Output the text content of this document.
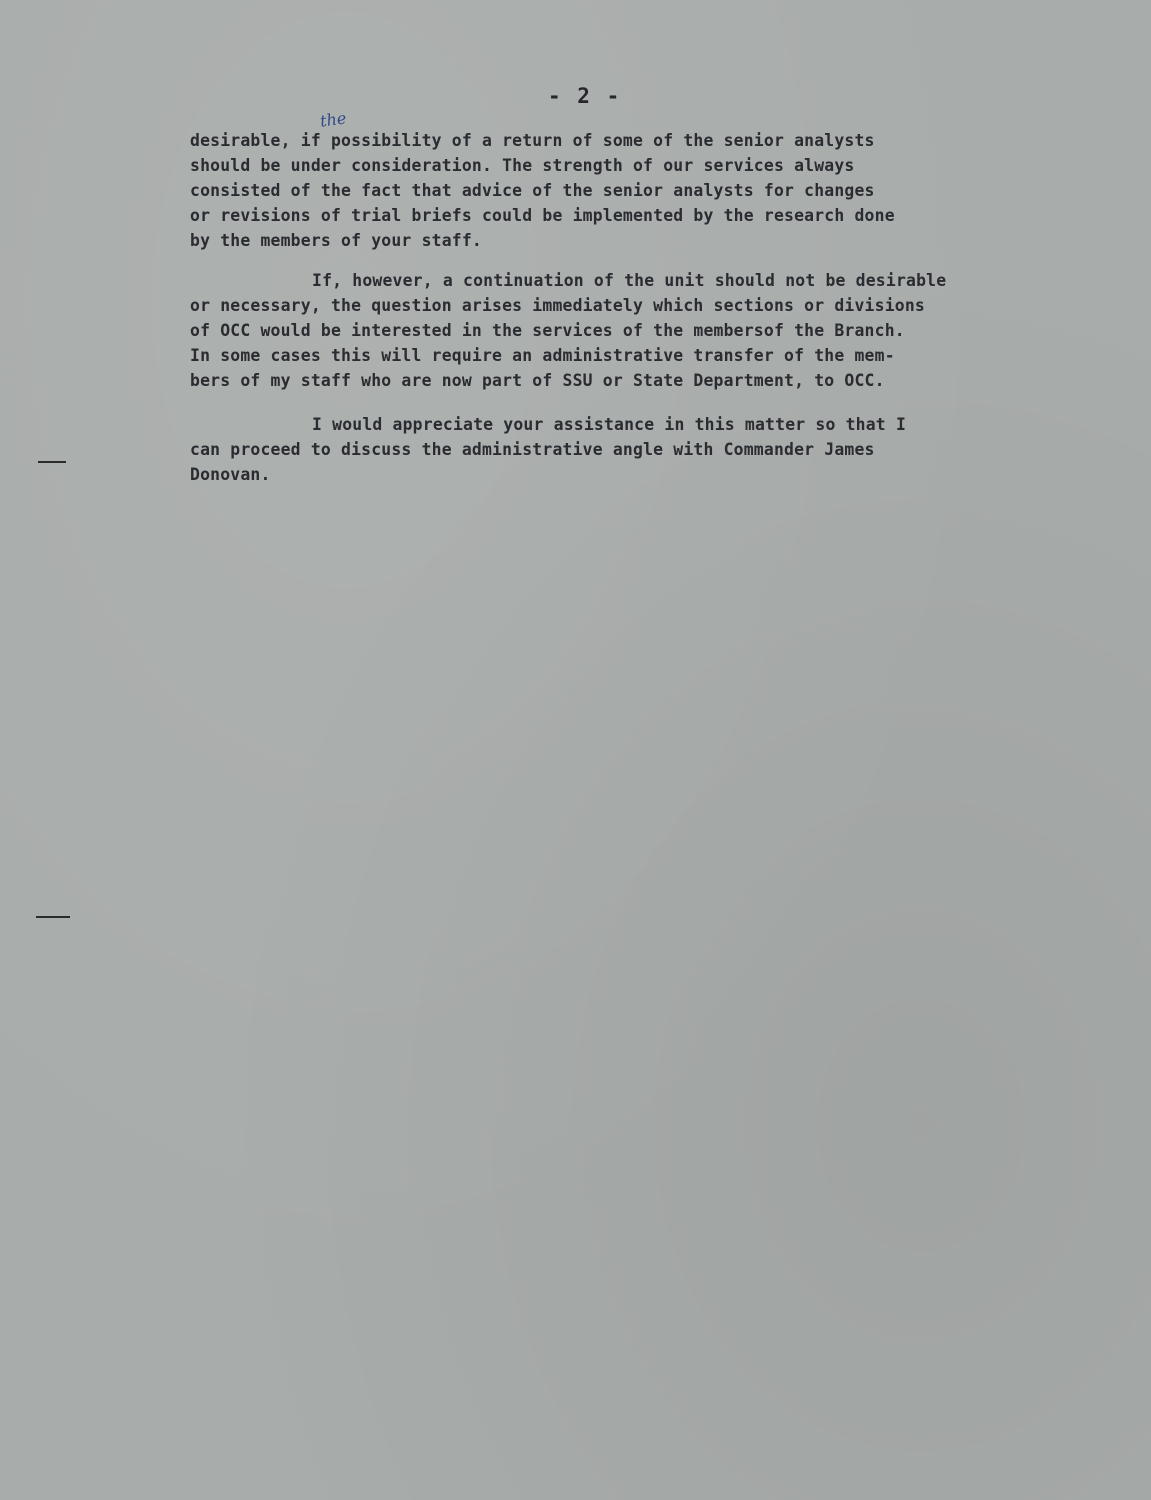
- 2 -
the
desirable, if possibility of a return of some of the senior analysts
should be under consideration. The strength of our services always
consisted of the fact that advice of the senior analysts for changes
or revisions of trial briefs could be implemented by the research done
by the members of your staff.
If, however, a continuation of the unit should not be desirable
or necessary, the question arises immediately which sections or divisions
of OCC would be interested in the services of the membersof the Branch.
In some cases this will require an administrative transfer of the mem-
bers of my staff who are now part of SSU or State Department, to OCC.
I would appreciate your assistance in this matter so that I
can proceed to discuss the administrative angle with Commander James
Donovan.
